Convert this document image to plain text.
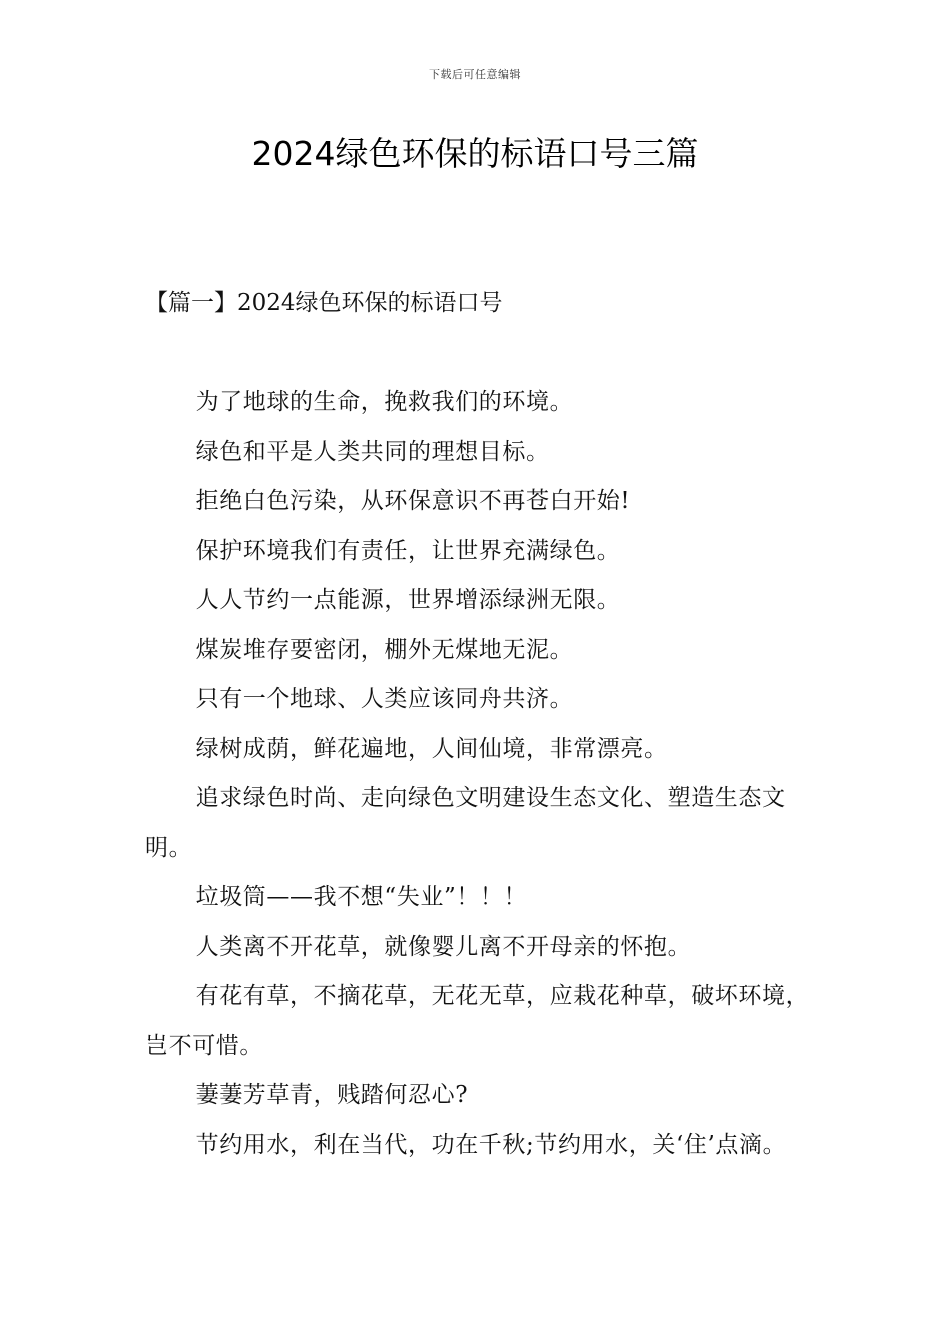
下载后可任意编辑
2024绿色环保的标语口号三篇
【篇一】2024绿色环保的标语口号
为了地球的生命，挽救我们的环境。
绿色和平是人类共同的理想目标。
拒绝白色污染，从环保意识不再苍白开始!
保护环境我们有责任，让世界充满绿色。
人人节约一点能源，世界增添绿洲无限。
煤炭堆存要密闭，棚外无煤地无泥。
只有一个地球、人类应该同舟共济。
绿树成荫，鲜花遍地，人间仙境，非常漂亮。
追求绿色时尚、走向绿色文明建设生态文化、塑造生态文明。
垃圾筒——我不想“失业”！！！
人类离不开花草，就像婴儿离不开母亲的怀抱。
有花有草，不摘花草，无花无草，应栽花种草，破坏环境，岂不可惜。
萋萋芳草青，贱踏何忍心?
节约用水，利在当代，功在千秋;节约用水，关‘住’点滴。
